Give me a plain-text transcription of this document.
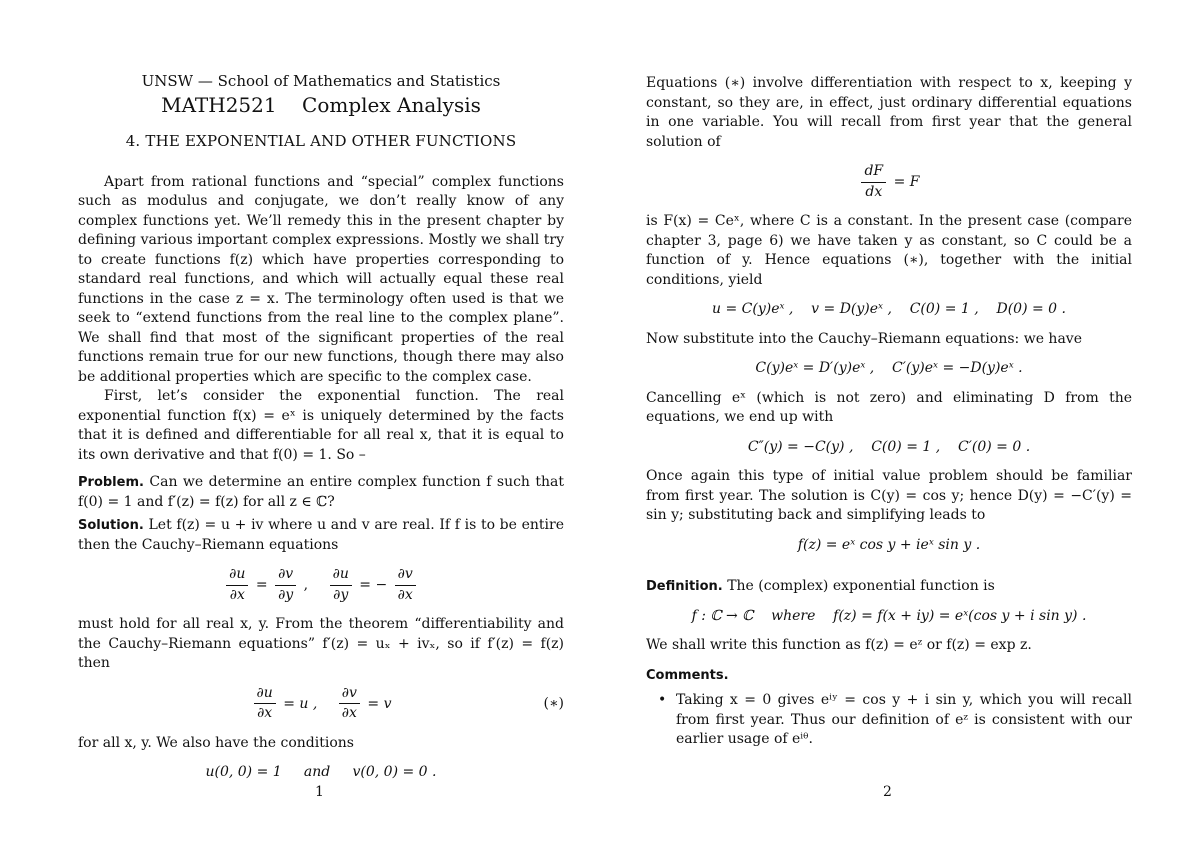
UNSW — School of Mathematics and Statistics
MATH2521    Complex Analysis
4. THE EXPONENTIAL AND OTHER FUNCTIONS

Apart from rational functions and “special” complex functions such as modulus and conjugate, we don’t really know of any complex functions yet. We’ll remedy this in the present chapter by defining various important complex expressions. Mostly we shall try to create functions f(z) which have properties corresponding to standard real functions, and which will actually equal these real functions in the case z = x. The terminology often used is that we seek to “extend functions from the real line to the complex plane”. We shall find that most of the significant properties of the real functions remain true for our new functions, though there may also be additional properties which are specific to the complex case.

First, let’s consider the exponential function. The real exponential function f(x) = eˣ is uniquely determined by the facts that it is defined and differentiable for all real x, that it is equal to its own derivative and that f(0) = 1. So –

Problem. Can we determine an entire complex function f such that f(0) = 1 and f′(z) = f(z) for all z ∈ ℂ?

Solution. Let f(z) = u + iv where u and v are real. If f is to be entire then the Cauchy–Riemann equations

$\frac{\partial u}{\partial x} = \frac{\partial v}{\partial y}$ , $\frac{\partial u}{\partial y}$ = − $\frac{\partial v}{\partial x}$

must hold for all real x, y. From the theorem “differentiability and the Cauchy–Riemann equations” f′(z) = uₓ + ivₓ, so if f′(z) = f(z) then

$\frac{\partial u}{\partial x} = u$ , $\frac{\partial v}{\partial x} = v$	(∗)

for all x, y. We also have the conditions

u(0, 0) = 1     and     v(0, 0) = 0 .
1

Equations (∗) involve differentiation with respect to x, keeping y constant, so they are, in effect, just ordinary differential equations in one variable. You will recall from first year that the general solution of

$\frac{dF}{dx} = F$

is F(x) = Ceˣ, where C is a constant. In the present case (compare chapter 3, page 6) we have taken y as constant, so C could be a function of y. Hence equations (∗), together with the initial conditions, yield

u = C(y)eˣ ,    v = D(y)eˣ ,    C(0) = 1 ,    D(0) = 0 .

Now substitute into the Cauchy–Riemann equations: we have

C(y)eˣ = D′(y)eˣ ,    C′(y)eˣ = −D(y)eˣ .

Cancelling eˣ (which is not zero) and eliminating D from the equations, we end up with

C″(y) = −C(y) ,    C(0) = 1 ,    C′(0) = 0 .

Once again this type of initial value problem should be familiar from first year. The solution is C(y) = cos y; hence D(y) = −C′(y) = sin y; substituting back and simplifying leads to

f(z) = eˣ cos y + ieˣ sin y .

Definition. The (complex) exponential function is

f : ℂ → ℂ    where    f(z) = f(x + iy) = eˣ(cos y + i sin y) .

We shall write this function as f(z) = eᶻ or f(z) = exp z.

Comments.

• Taking x = 0 gives eⁱʸ = cos y + i sin y, which you will recall from first year. Thus our definition of eᶻ is consistent with our earlier usage of eⁱᶿ.

2
